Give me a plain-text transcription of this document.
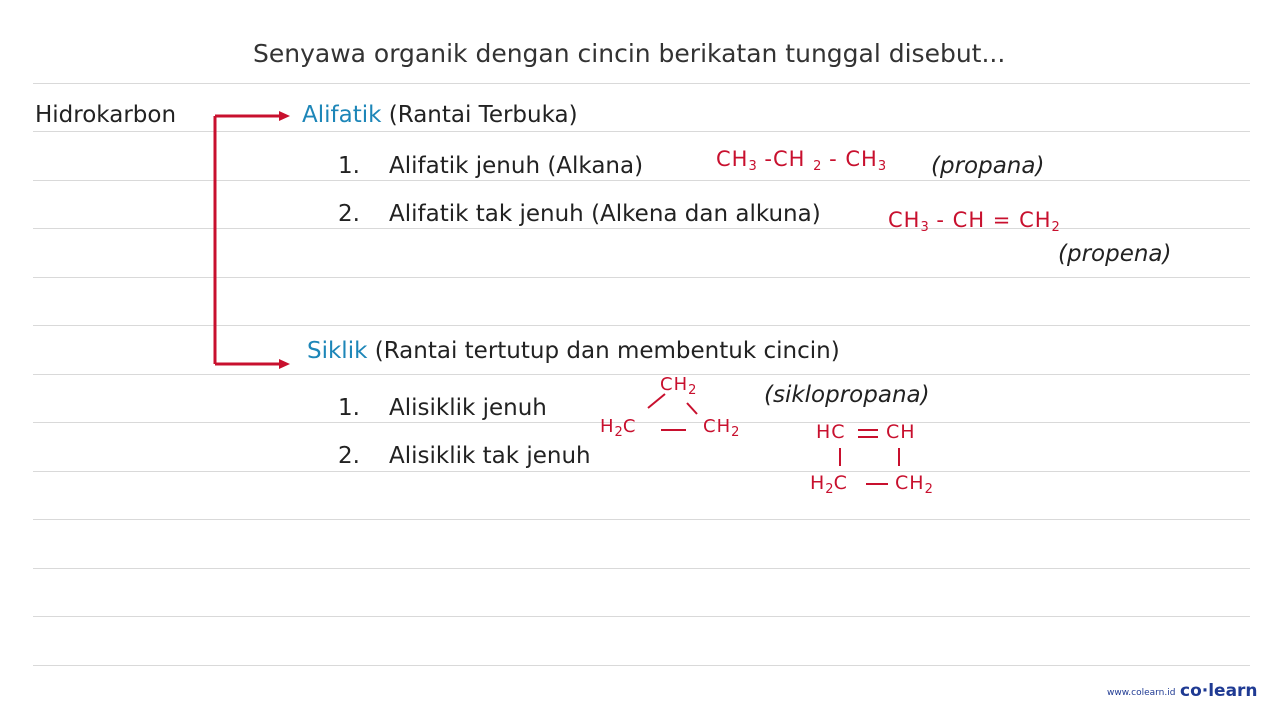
Senyawa organik dengan cincin berikatan tunggal disebut...
Hidrokarbon	Alifatik (Rantai Terbuka)
1. Alifatik jenuh (Alkana)
2. Alifatik tak jenuh (Alkena dan alkuna)
$CH_3$ -CH $_2 - CH_3$ (propana)
$CH_3$ - CH = $CH_2$
(propena)
Siklik (Rantai tertutup dan membentuk cincin)
1. Alisiklik jenuh
2. Alisiklik tak jenuh
(siklopropana)
$CH_2$
$H_2C$	$CH_2$	HC CH
$H_2C$ $CH_2$
www.colearn.id co·learn
